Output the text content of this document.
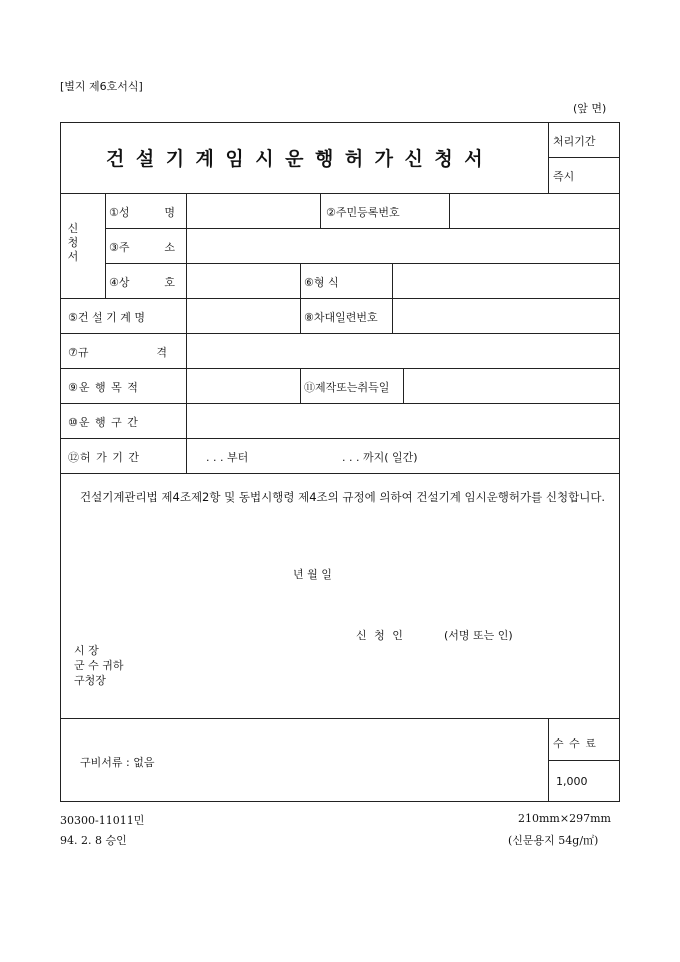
[별지 제6호서식]
(앞 면)
건설기계임시운행허가신청서
처리기간
즉시
신청서
①성	명	②주민등록번호
③주	소
④상	호	⑥형 식
⑤건 설 기 계 명	⑧차대일련번호
⑦규	격
⑨운 행 목 적	⑪제작또는취득일
⑩운 행 구 간
⑫허 가 기 간	. . . 부터	. . . 까지( 일간)
건설기계관리법 제4조제2항 및 동법시행령 제4조의 규정에 의하여 건설기계 임시운행허가를 신청합니다.
년 월 일
신 청 인	(서명 또는 인)
시 장
군 수 귀하
구청장
구비서류 : 없음
수 수 료
1,000
30300-11011민
94. 2. 8 승인
210mm×297mm
(신문용지 54g/㎡)
